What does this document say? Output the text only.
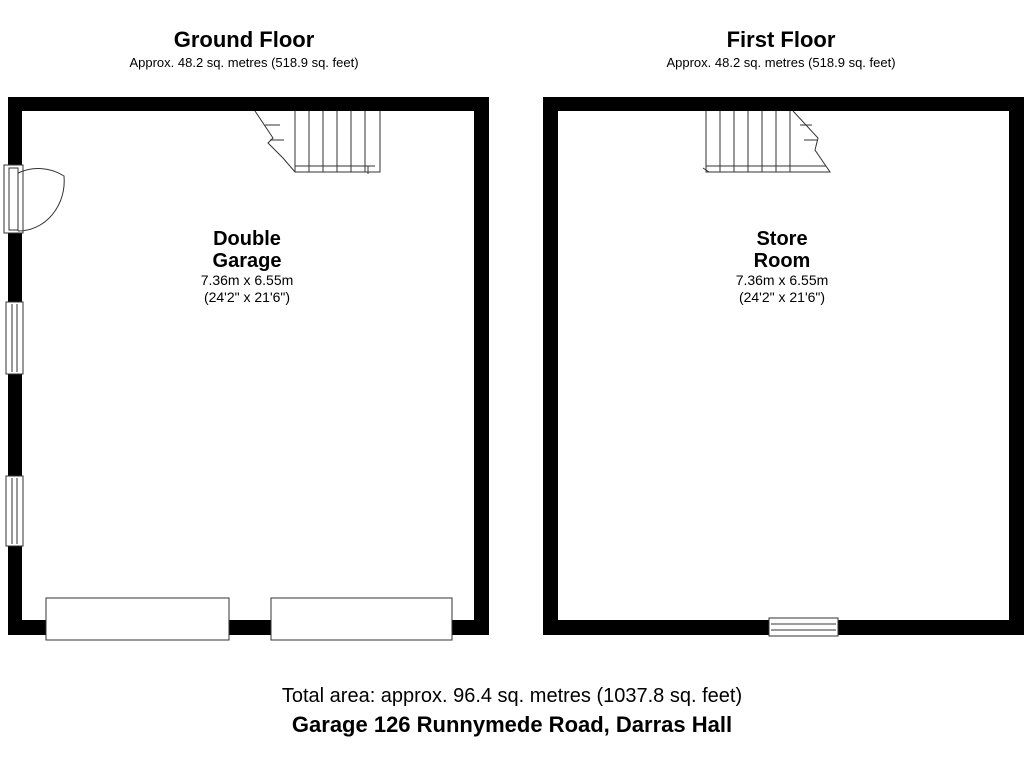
Ground Floor
Approx. 48.2 sq. metres (518.9 sq. feet)
First Floor
Approx. 48.2 sq. metres (518.9 sq. feet)
Double
Garage
7.36m x 6.55m
(24'2" x 21'6")
Store
Room
7.36m x 6.55m
(24'2" x 21'6")
Total area: approx. 96.4 sq. metres (1037.8 sq. feet)
Garage 126 Runnymede Road, Darras Hall
